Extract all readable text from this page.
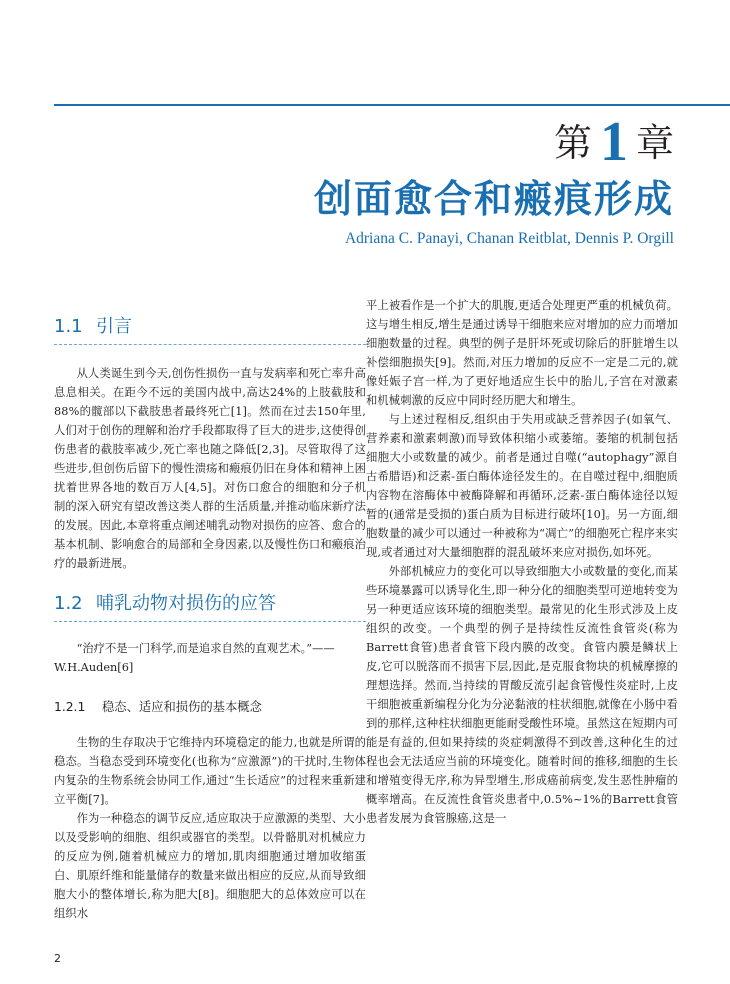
第 1 章
创面愈合和瘢痕形成
Adriana C. Panayi, Chanan Reitblat, Dennis P. Orgill
1.1 引言

从人类诞生到今天,创伤性损伤一直与发病率和死亡率升高息息相关。在距今不远的美国内战中,高达24%的上肢截肢和88%的髋部以下截肢患者最终死亡[1]。然而在过去150年里,人们对于创伤的理解和治疗手段都取得了巨大的进步,这使得创伤患者的截肢率减少,死亡率也随之降低[2,3]。尽管取得了这些进步,但创伤后留下的慢性溃疡和瘢痕仍旧在身体和精神上困扰着世界各地的数百万人[4,5]。对伤口愈合的细胞和分子机制的深入研究有望改善这类人群的生活质量,并推动临床新疗法的发展。因此,本章将重点阐述哺乳动物对损伤的应答、愈合的基本机制、影响愈合的局部和全身因素,以及慢性伤口和瘢痕治疗的最新进展。

1.2 哺乳动物对损伤的应答

“治疗不是一门科学,而是追求自然的直观艺术。”——W.H.Auden[6]

1.2.1 稳态、适应和损伤的基本概念

生物的生存取决于它维持内环境稳定的能力,也就是所谓的稳态。当稳态受到环境变化(也称为“应激源”)的干扰时,生物体内复杂的生物系统会协同工作,通过“生长适应”的过程来重新建立平衡[7]。

作为一种稳态的调节反应,适应取决于应激源的类型、大小以及受影响的细胞、组织或器官的类型。以骨骼肌对机械应力的反应为例,随着机械应力的增加,肌肉细胞通过增加收缩蛋白、肌原纤维和能量储存的数量来做出相应的反应,从而导致细胞大小的整体增长,称为肥大[8]。细胞肥大的总体效应可以在组织水

平上被看作是一个扩大的肌腹,更适合处理更严重的机械负荷。这与增生相反,增生是通过诱导干细胞来应对增加的应力而增加细胞数量的过程。典型的例子是肝坏死或切除后的肝脏增生以补偿细胞损失[9]。然而,对压力增加的反应不一定是二元的,就像妊娠子宫一样,为了更好地适应生长中的胎儿,子宫在对激素和机械刺激的反应中同时经历肥大和增生。

与上述过程相反,组织由于失用或缺乏营养因子(如氧气、营养素和激素刺激)而导致体积缩小或萎缩。萎缩的机制包括细胞大小或数量的减少。前者是通过自噬(“autophagy”源自古希腊语)和泛素-蛋白酶体途径发生的。在自噬过程中,细胞质内容物在溶酶体中被酶降解和再循环,泛素-蛋白酶体途径以短暂的(通常是受损的)蛋白质为目标进行破坏[10]。另一方面,细胞数量的减少可以通过一种被称为“凋亡”的细胞死亡程序来实现,或者通过对大量细胞群的混乱破坏来应对损伤,如坏死。

外部机械应力的变化可以导致细胞大小或数量的变化,而某些环境暴露可以诱导化生,即一种分化的细胞类型可逆地转变为另一种更适应该环境的细胞类型。最常见的化生形式涉及上皮组织的改变。一个典型的例子是持续性反流性食管炎(称为Barrett食管)患者食管下段内膜的改变。食管内膜是鳞状上皮,它可以脱落而不损害下层,因此,是克服食物块的机械摩擦的理想选择。然而,当持续的胃酸反流引起食管慢性炎症时,上皮干细胞被重新编程分化为分泌黏液的柱状细胞,就像在小肠中看到的那样,这种柱状细胞更能耐受酸性环境。虽然这在短期内可能是有益的,但如果持续的炎症刺激得不到改善,这种化生的过程也会无法适应当前的环境变化。随着时间的推移,细胞的生长和增殖变得无序,称为异型增生,形成癌前病变,发生恶性肿瘤的概率增高。在反流性食管炎患者中,0.5%~1%的Barrett食管患者发展为食管腺癌,这是一

2
